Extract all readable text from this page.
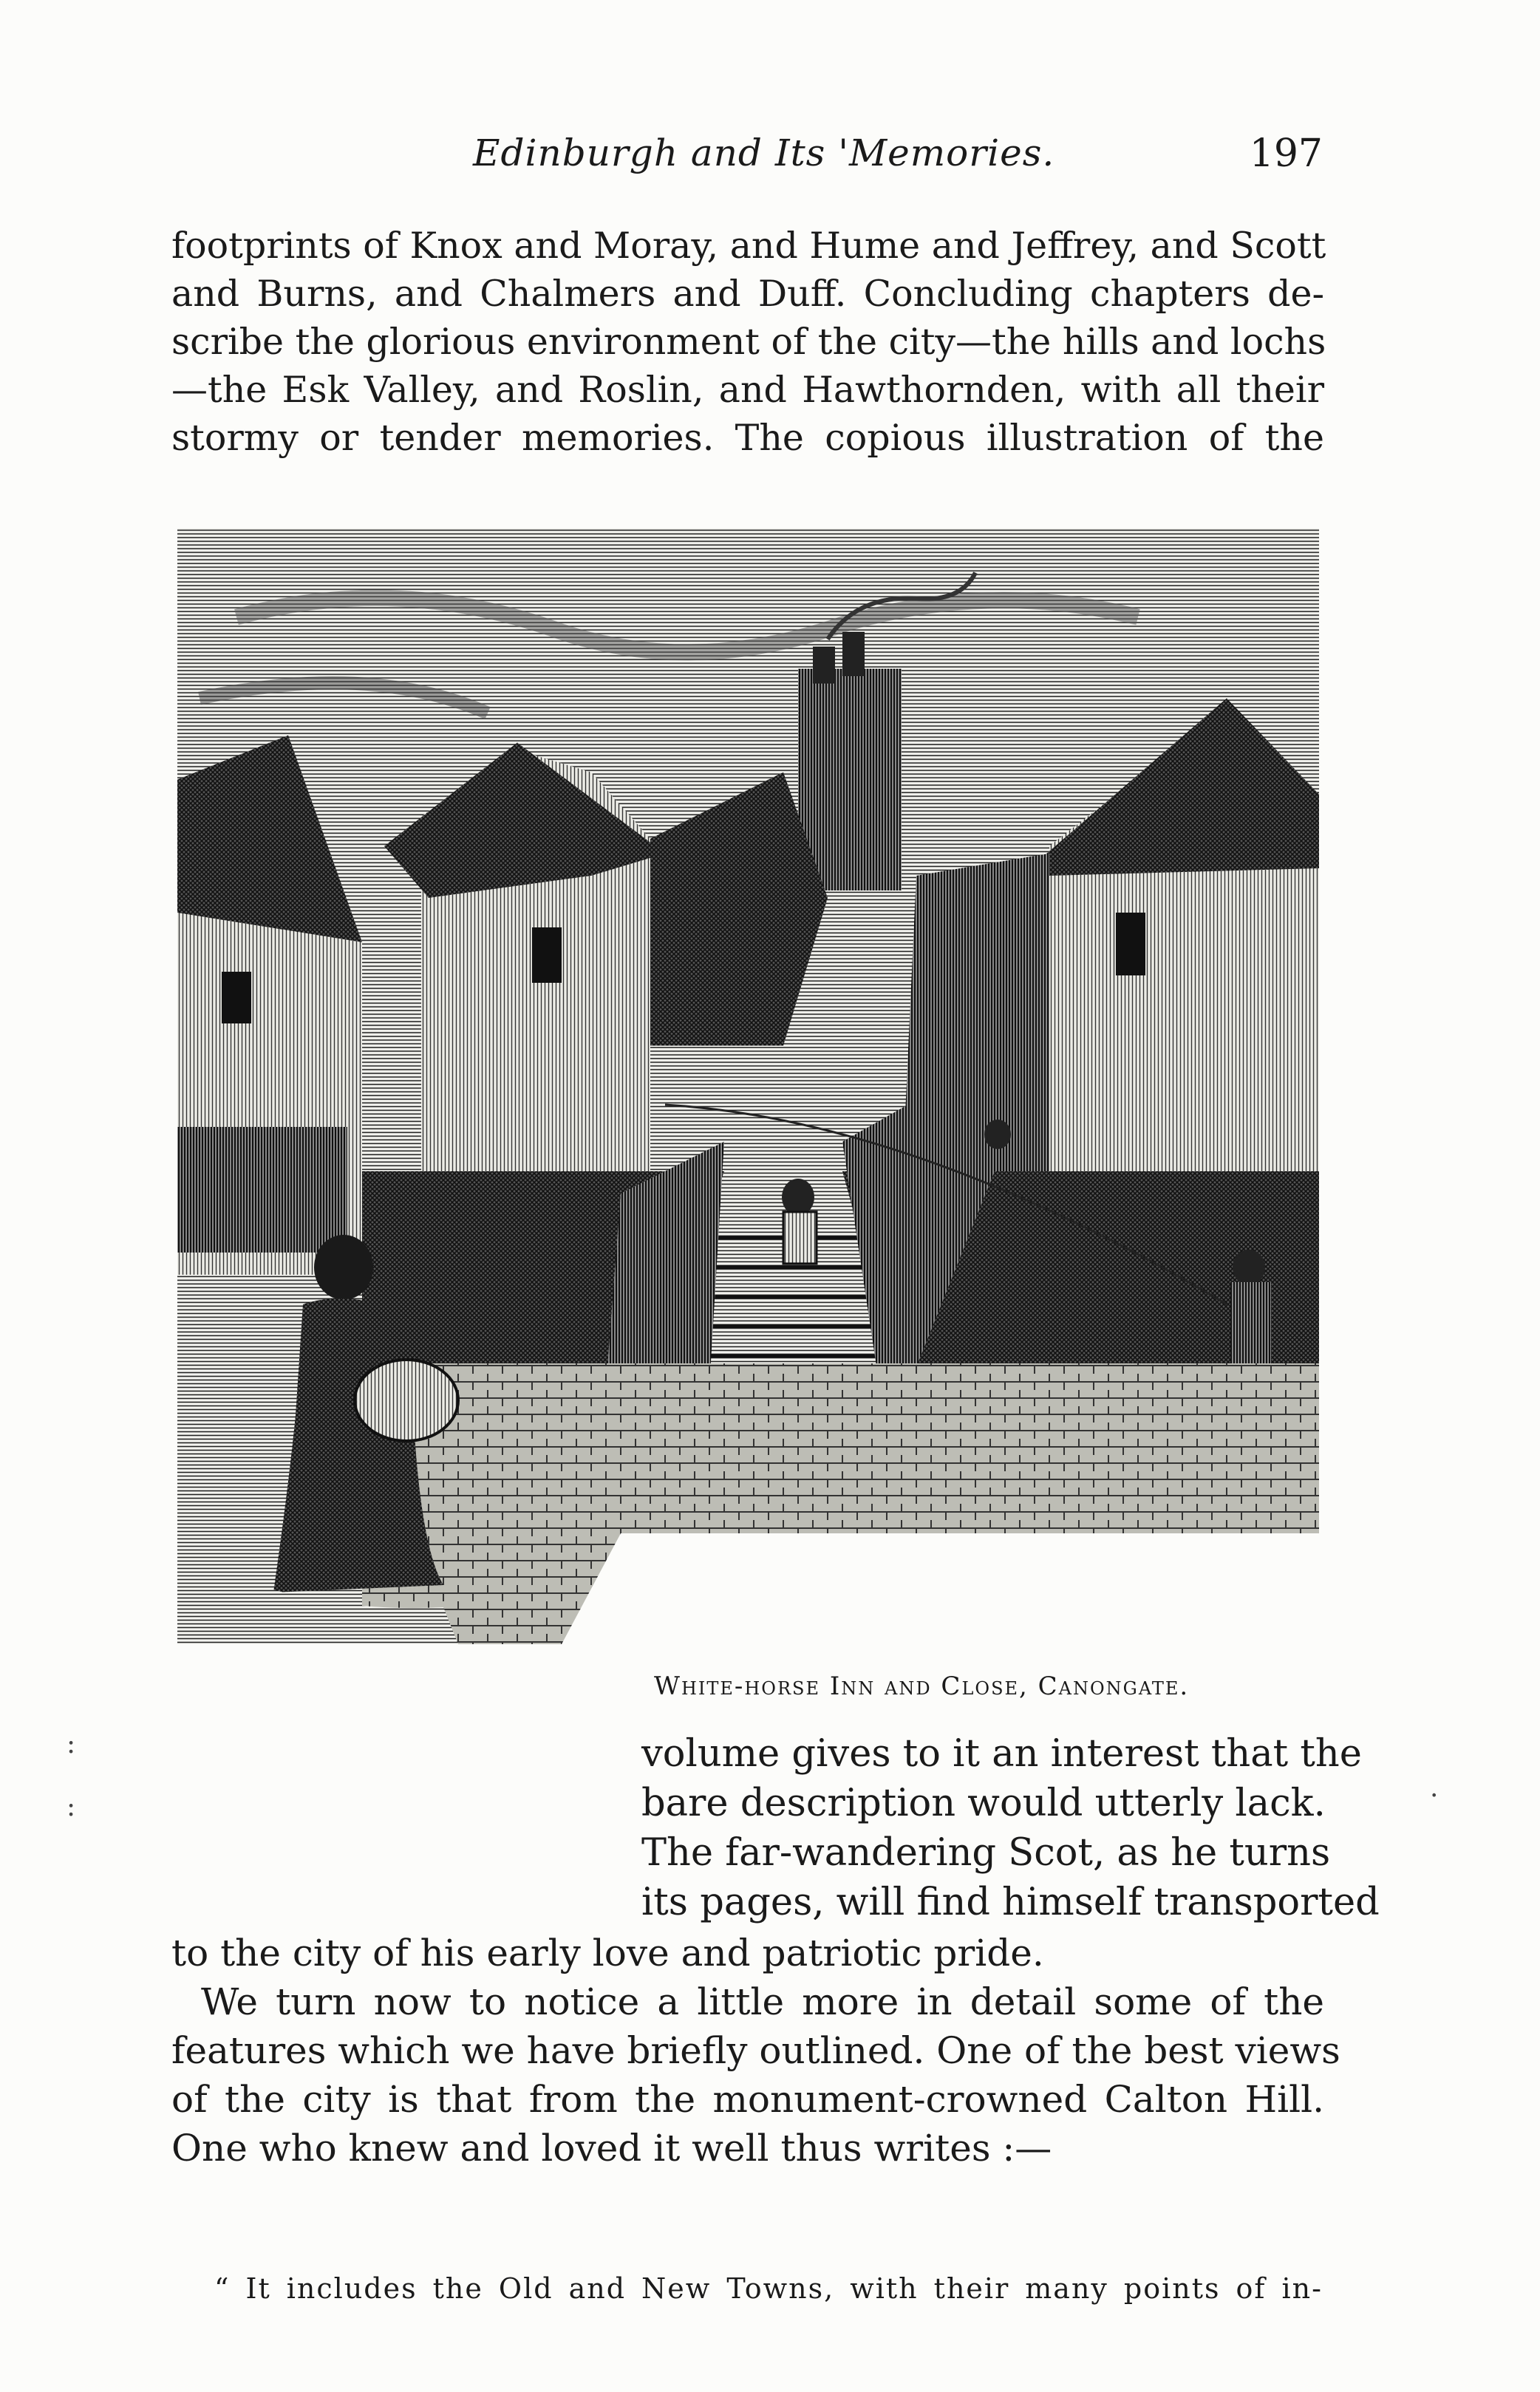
Edinburgh and Its 'Memories.	197
footprints of Knox and Moray, and Hume and Jeffrey, and Scott
and Burns, and Chalmers and Duff. Concluding chapters de-
scribe the glorious environment of the city—the hills and lochs
—the Esk Valley, and Roslin, and Hawthornden, with all their
stormy or tender memories. The copious illustration of the
White-horse Inn and Close, Canongate.
volume gives to it an interest that the
bare description would utterly lack.
The far-wandering Scot, as he turns
its pages, will find himself transported
to the city of his early love and patriotic pride.
We turn now to notice a little more in detail some of the
features which we have briefly outlined. One of the best views
of the city is that from the monument-crowned Calton Hill.
One who knew and loved it well thus writes :—
“ It includes the Old and New Towns, with their many points of in-
:
:	·
